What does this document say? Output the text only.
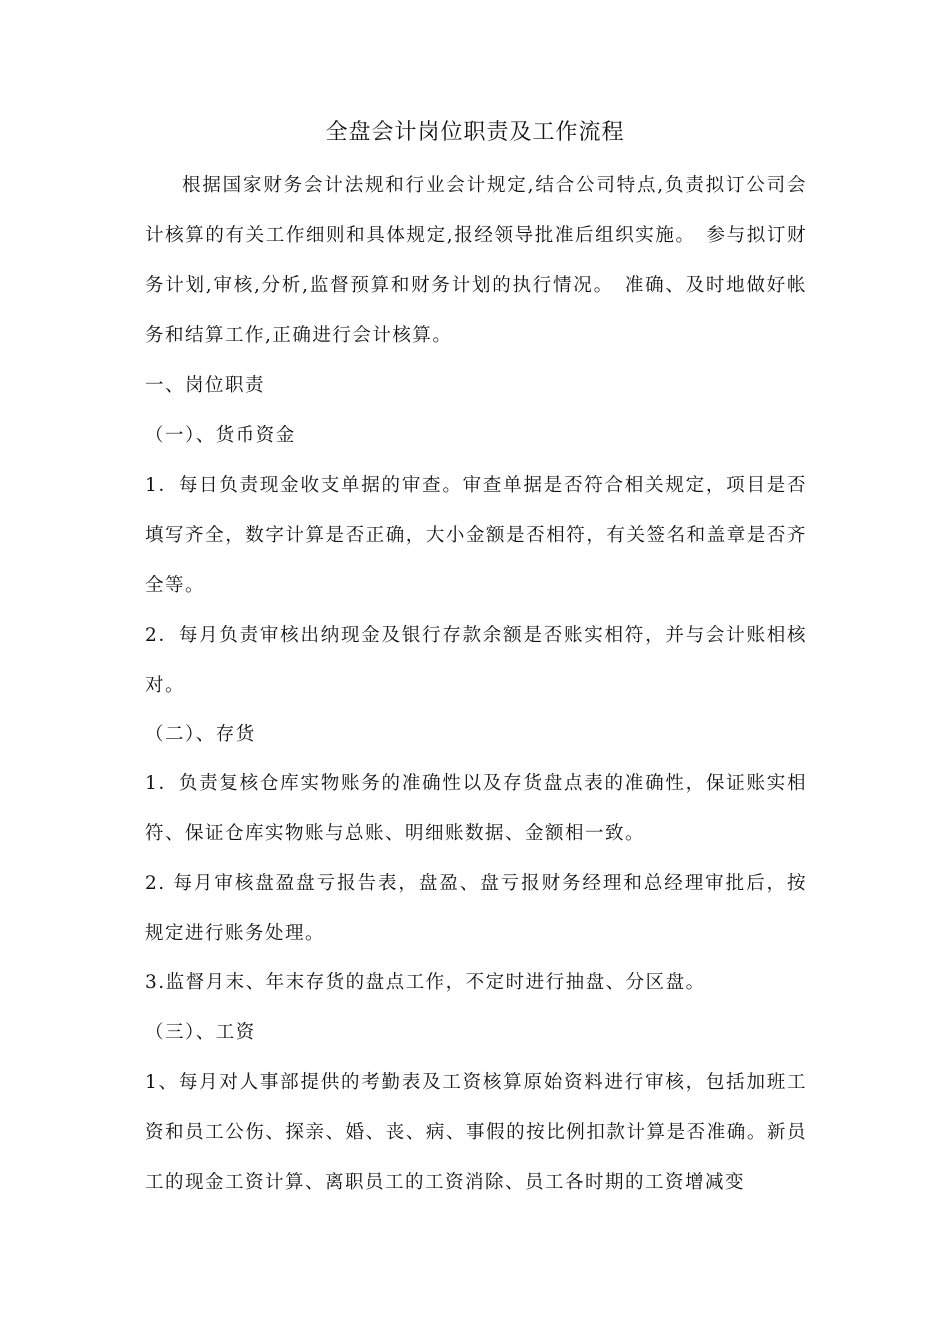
全盘会计岗位职责及工作流程
根据国家财务会计法规和行业会计规定,结合公司特点,负责拟订公司会计核算的有关工作细则和具体规定,报经领导批准后组织实施。　参与拟订财务计划,审核,分析,监督预算和财务计划的执行情况。　准确、及时地做好帐务和结算工作,正确进行会计核算。
一、岗位职责
（一）、货币资金
1．每日负责现金收支单据的审查。审查单据是否符合相关规定，项目是否填写齐全，数字计算是否正确，大小金额是否相符，有关签名和盖章是否齐全等。
2．每月负责审核出纳现金及银行存款余额是否账实相符，并与会计账相核对。
（二）、存货
1．负责复核仓库实物账务的准确性以及存货盘点表的准确性，保证账实相符、保证仓库实物账与总账、明细账数据、金额相一致。
2. 每月审核盘盈盘亏报告表，盘盈、盘亏报财务经理和总经理审批后，按规定进行账务处理。
3.监督月末、年末存货的盘点工作，不定时进行抽盘、分区盘。
（三）、工资
1、每月对人事部提供的考勤表及工资核算原始资料进行审核，包括加班工资和员工公伤、探亲、婚、丧、病、事假的按比例扣款计算是否准确。新员工的现金工资计算、离职员工的工资消除、员工各时期的工资增减变
